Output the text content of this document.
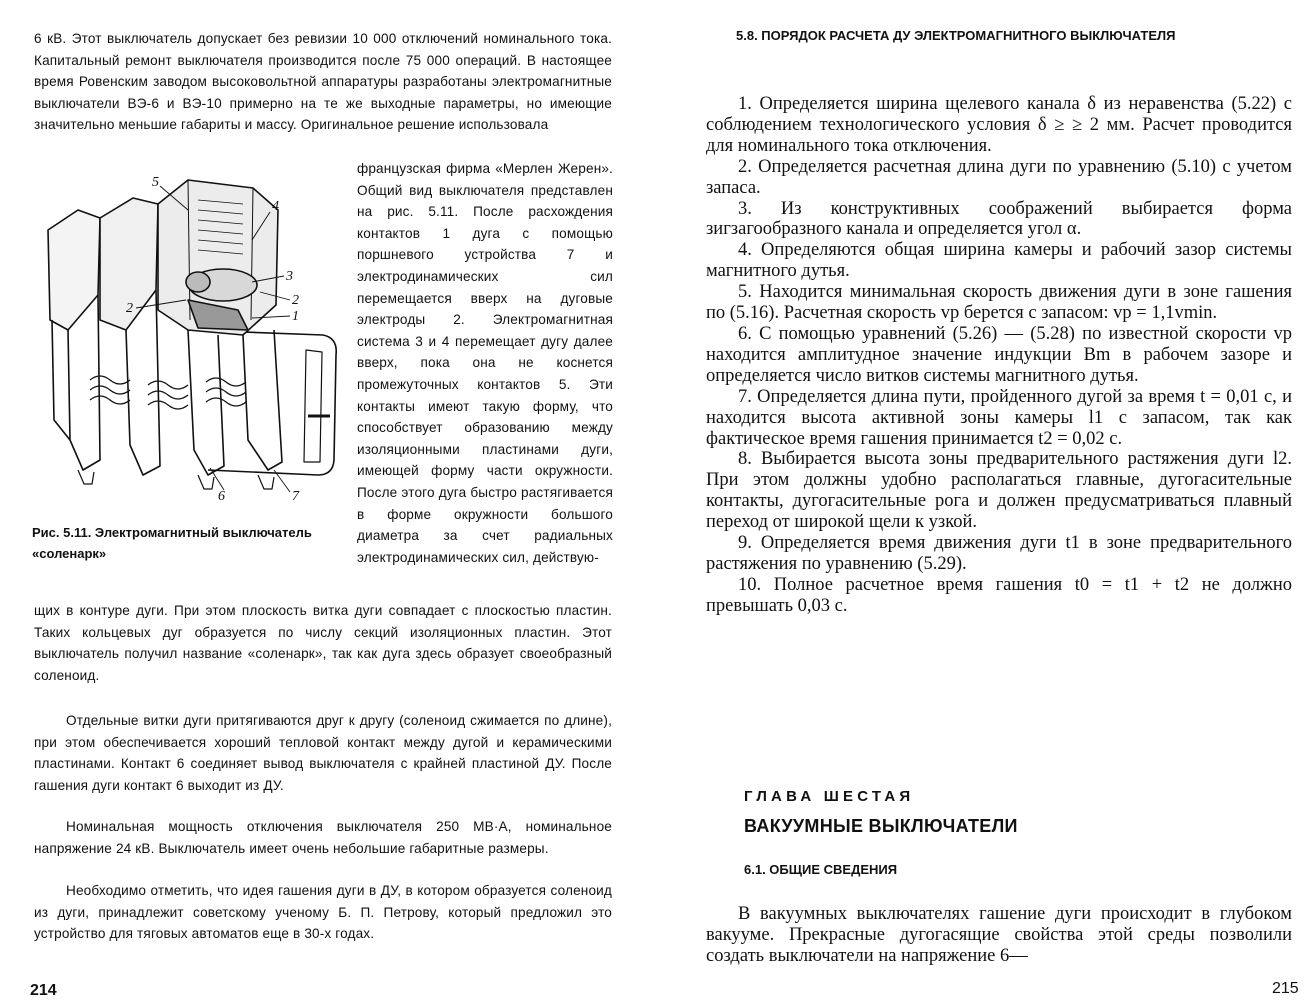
6 кВ. Этот выключатель допускает без ревизии 10 000 отключений номинального тока. Капитальный ремонт выключателя производится после 75 000 операций. В настоящее время Ровенским заводом высоковольтной аппаратуры разработаны электромагнитные выключатели ВЭ-6 и ВЭ-10 примерно на те же выходные параметры, но имеющие значительно меньшие габариты и массу. Оригинальное решение использовала

5
4
3
2
1
2
6	7

французская фирма «Мерлен Жерен». Общий вид выключателя представлен на рис. 5.11. После расхождения контактов 1 дуга с помощью поршневого устройства 7 и электродинамических сил перемещается вверх на дуговые электроды 2. Электромагнитная система 3 и 4 перемещает дугу далее вверх, пока она не коснется промежуточных контактов 5. Эти контакты имеют такую форму, что способствует образованию между изоляционными пластинами дуги, имеющей форму части окружности. После этого дуга быстро растягивается в форме окружности большого диаметра за счет радиальных электродинамических сил, действую-

Рис. 5.11. Электромагнитный выключатель «соленарк»

щих в контуре дуги. При этом плоскость витка дуги совпадает с плоскостью пластин. Таких кольцевых дуг образуется по числу секций изоляционных пластин. Этот выключатель получил название «соленарк», так как дуга здесь образует своеобразный соленоид.

Отдельные витки дуги притягиваются друг к другу (соленоид сжимается по длине), при этом обеспечивается хороший тепловой контакт между дугой и керамическими пластинами. Контакт 6 соединяет вывод выключателя с крайней пластиной ДУ. После гашения дуги контакт 6 выходит из ДУ.

Номинальная мощность отключения выключателя 250 МВ·А, номинальное напряжение 24 кВ. Выключатель имеет очень небольшие габаритные размеры.

Необходимо отметить, что идея гашения дуги в ДУ, в котором образуется соленоид из дуги, принадлежит советскому ученому Б. П. Петрову, который предложил это устройство для тяговых автоматов еще в 30-х годах.

214
5.8. ПОРЯДОК РАСЧЕТА ДУ ЭЛЕКТРОМАГНИТНОГО ВЫКЛЮЧАТЕЛЯ

1. Определяется ширина щелевого канала δ из неравенства (5.22) с соблюдением технологического условия δ ≥ ≥ 2 мм. Расчет проводится для номинального тока отключения.

2. Определяется расчетная длина дуги по уравнению (5.10) с учетом запаса.

3. Из конструктивных соображений выбирается форма зигзагообразного канала и определяется угол α.

4. Определяются общая ширина камеры и рабочий зазор системы магнитного дутья.

5. Находится минимальная скорость движения дуги в зоне гашения по (5.16). Расчетная скорость vр берется с запасом: vр = 1,1vmin.

6. С помощью уравнений (5.26) — (5.28) по известной скорости vр находится амплитудное значение индукции Bm в рабочем зазоре и определяется число витков системы магнитного дутья.

7. Определяется длина пути, пройденного дугой за время t = 0,01 с, и находится высота активной зоны камеры l1 с запасом, так как фактическое время гашения принимается t2 = 0,02 с.

8. Выбирается высота зоны предварительного растяжения дуги l2. При этом должны удобно располагаться главные, дугогасительные контакты, дугогасительные рога и должен предусматриваться плавный переход от широкой щели к узкой.

9. Определяется время движения дуги t1 в зоне предварительного растяжения по уравнению (5.29).

10. Полное расчетное время гашения t0 = t1 + t2 не должно превышать 0,03 с.

ГЛАВА ШЕСТАЯ
ВАКУУМНЫЕ ВЫКЛЮЧАТЕЛИ
6.1. ОБЩИЕ СВЕДЕНИЯ

В вакуумных выключателях гашение дуги происходит в глубоком вакууме. Прекрасные дугогасящие свойства этой среды позволили создать выключатели на напряжение 6—

215
